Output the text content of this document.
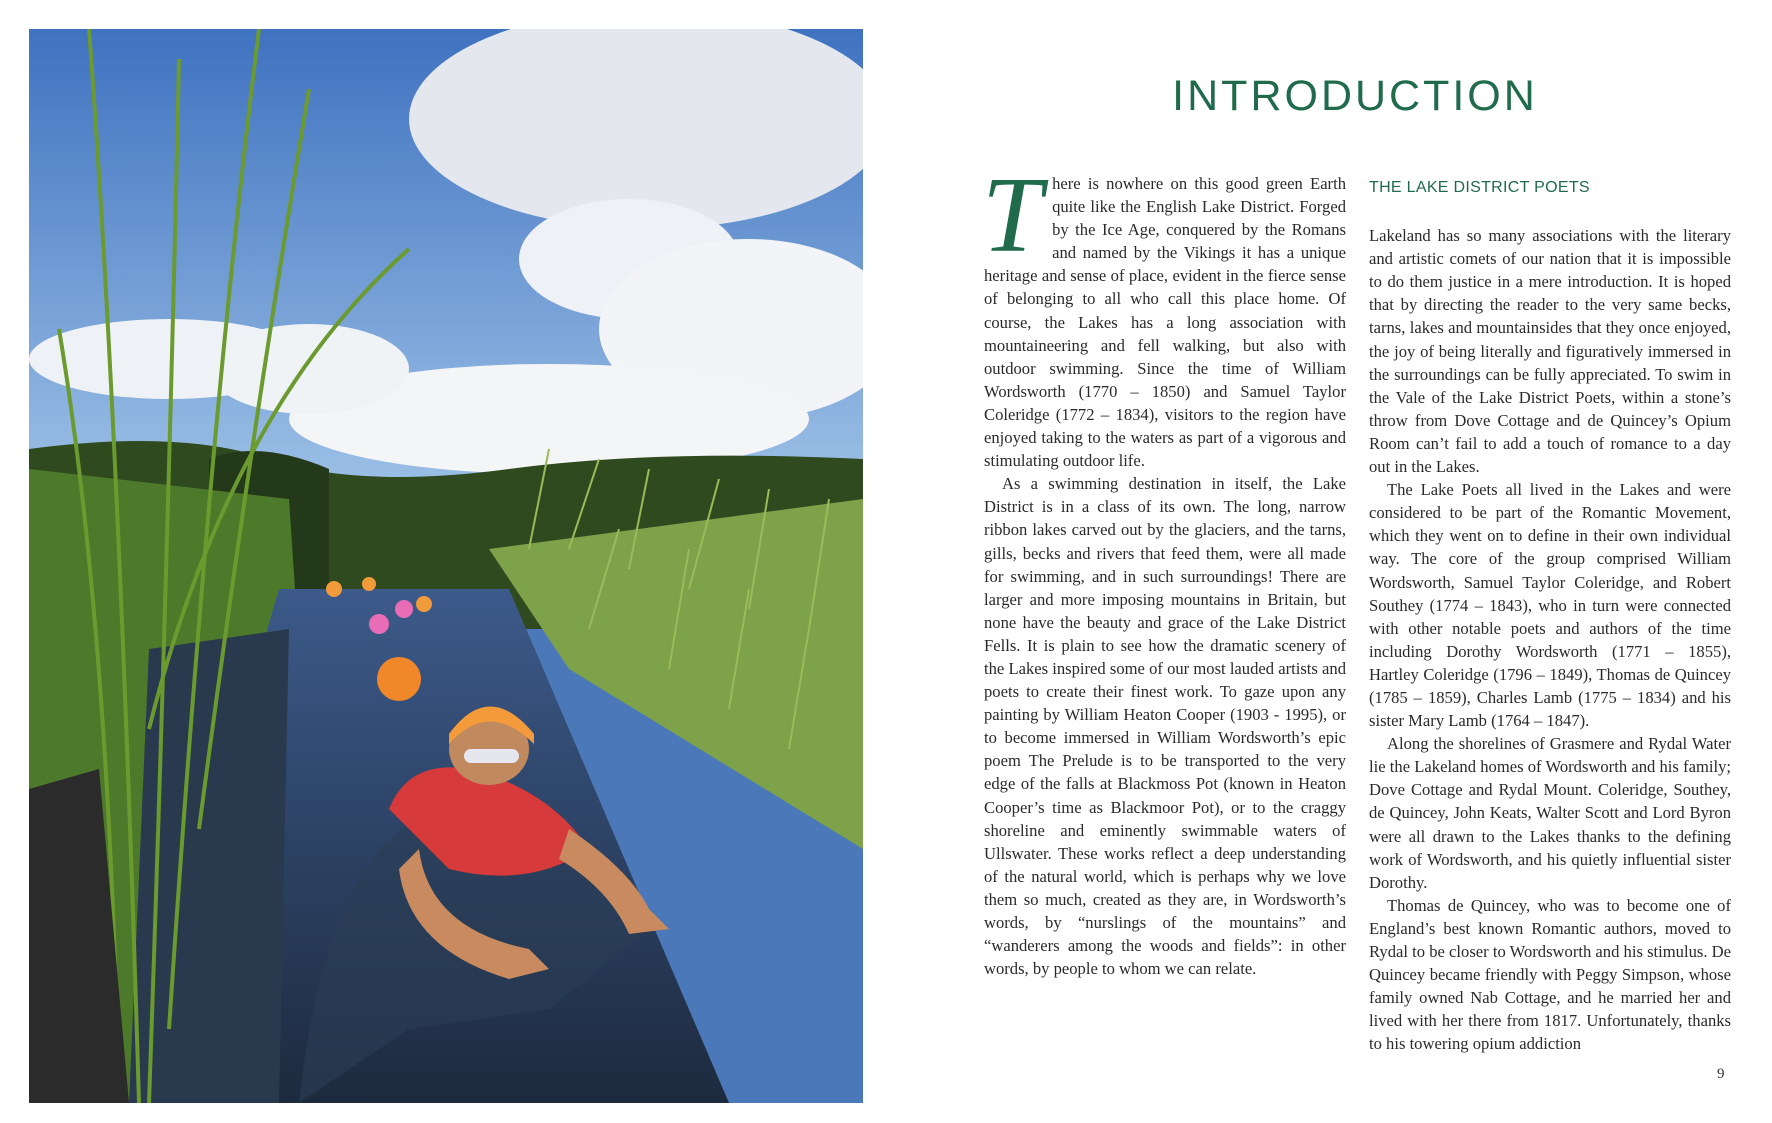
INTRODUCTION

There is nowhere on this good green Earth quite like the English Lake District. Forged by the Ice Age, conquered by the Romans and named by the Vikings it has a unique heritage and sense of place, evident in the fierce sense of belonging to all who call this place home. Of course, the Lakes has a long association with mountaineering and fell walking, but also with outdoor swimming. Since the time of William Wordsworth (1770 – 1850) and Samuel Taylor Coleridge (1772 – 1834), visitors to the region have enjoyed taking to the waters as part of a vigorous and stimulating outdoor life.

As a swimming destination in itself, the Lake District is in a class of its own. The long, narrow ribbon lakes carved out by the glaciers, and the tarns, gills, becks and rivers that feed them, were all made for swimming, and in such surroundings! There are larger and more imposing mountains in Britain, but none have the beauty and grace of the Lake District Fells. It is plain to see how the dramatic scenery of the Lakes inspired some of our most lauded artists and poets to create their finest work. To gaze upon any painting by William Heaton Cooper (1903 - 1995), or to become immersed in William Wordsworth’s epic poem The Prelude is to be transported to the very edge of the falls at Blackmoss Pot (known in Heaton Cooper’s time as Blackmoor Pot), or to the craggy shoreline and eminently swimmable waters of Ullswater. These works reflect a deep understanding of the natural world, which is perhaps why we love them so much, created as they are, in Wordsworth’s words, by “nurslings of the mountains” and “wanderers among the woods and fields”: in other words, by people to whom we can relate.

THE LAKE DISTRICT POETS

Lakeland has so many associations with the literary and artistic comets of our nation that it is impossible to do them justice in a mere introduction. It is hoped that by directing the reader to the very same becks, tarns, lakes and mountainsides that they once enjoyed, the joy of being literally and figuratively immersed in the surroundings can be fully appreciated. To swim in the Vale of the Lake District Poets, within a stone’s throw from Dove Cottage and de Quincey’s Opium Room can’t fail to add a touch of romance to a day out in the Lakes.

The Lake Poets all lived in the Lakes and were considered to be part of the Romantic Movement, which they went on to define in their own individual way. The core of the group comprised William Wordsworth, Samuel Taylor Coleridge, and Robert Southey (1774 – 1843), who in turn were connected with other notable poets and authors of the time including Dorothy Wordsworth (1771 – 1855), Hartley Coleridge (1796 – 1849), Thomas de Quincey (1785 – 1859), Charles Lamb (1775 – 1834) and his sister Mary Lamb (1764 – 1847).

Along the shorelines of Grasmere and Rydal Water lie the Lakeland homes of Wordsworth and his family; Dove Cottage and Rydal Mount. Coleridge, Southey, de Quincey, John Keats, Walter Scott and Lord Byron were all drawn to the Lakes thanks to the defining work of Wordsworth, and his quietly influential sister Dorothy.

Thomas de Quincey, who was to become one of England’s best known Romantic authors, moved to Rydal to be closer to Wordsworth and his stimulus. De Quincey became friendly with Peggy Simpson, whose family owned Nab Cottage, and he married her and lived with her there from 1817. Unfortunately, thanks to his towering opium addiction

9
